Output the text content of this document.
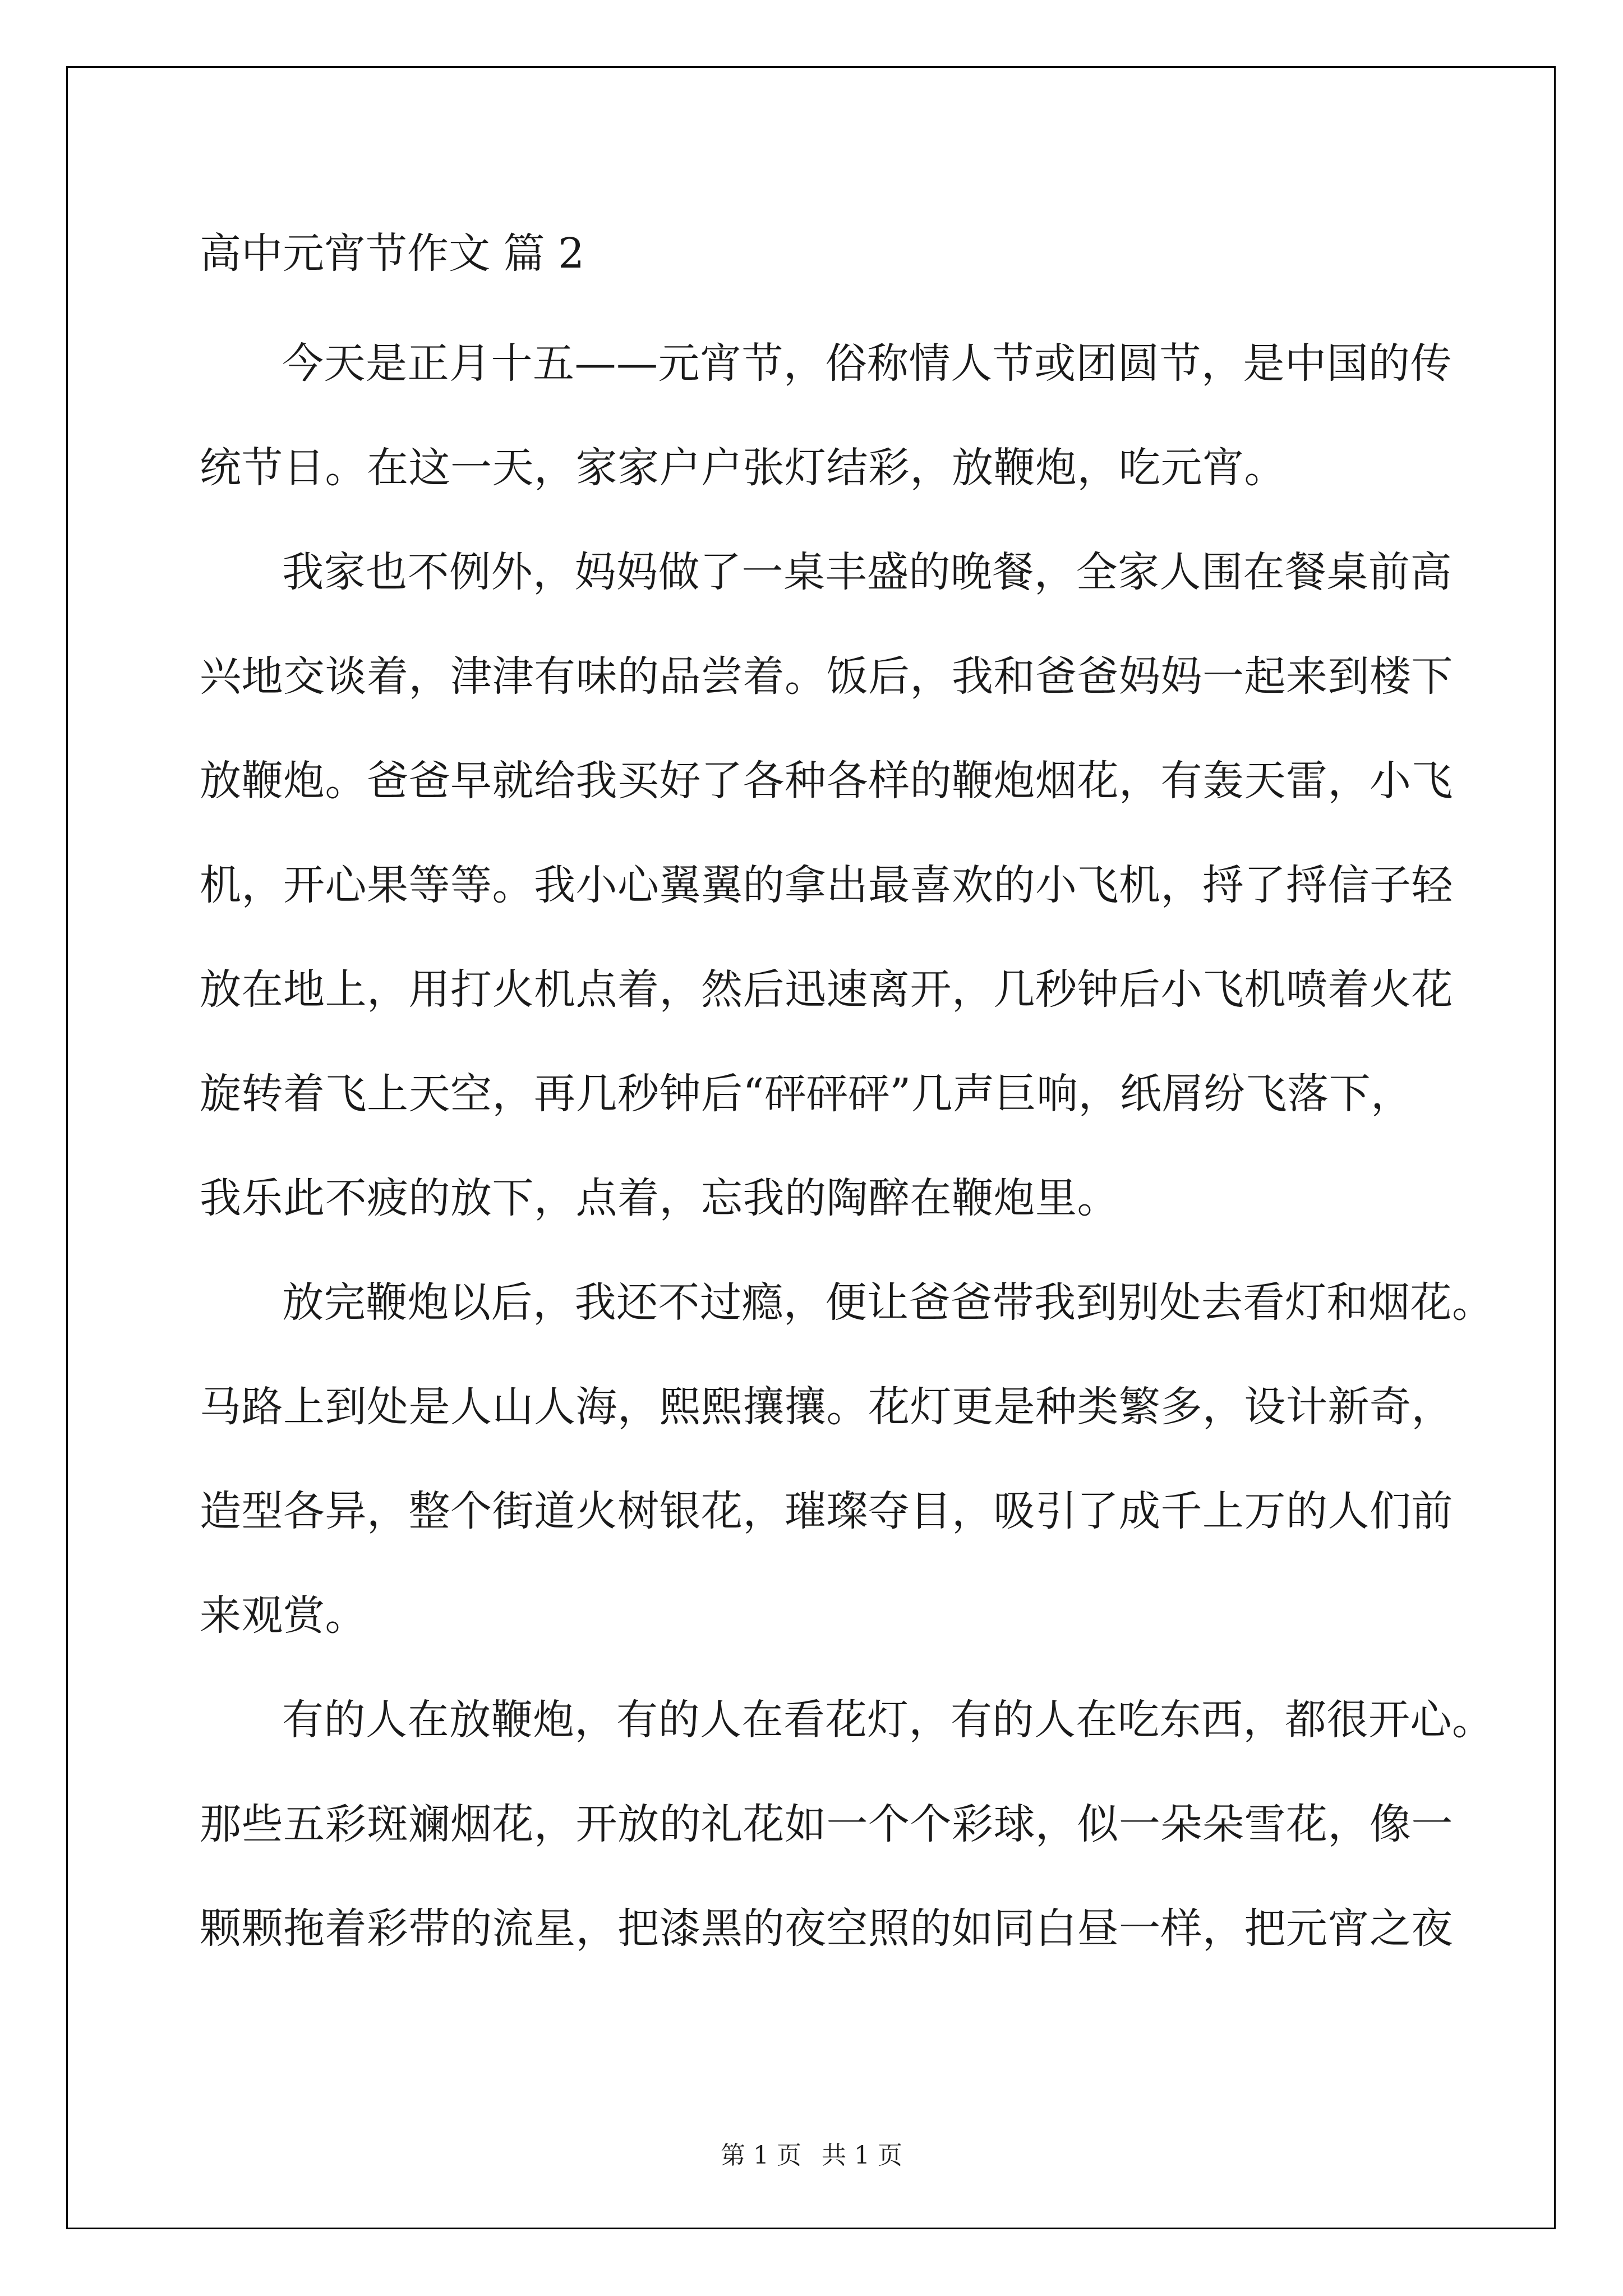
高中元宵节作文 篇 2
今天是正月十五——元宵节，俗称情人节或团圆节，是中国的传
统节日。在这一天，家家户户张灯结彩，放鞭炮，吃元宵。
我家也不例外，妈妈做了一桌丰盛的晚餐，全家人围在餐桌前高
兴地交谈着，津津有味的品尝着。饭后，我和爸爸妈妈一起来到楼下
放鞭炮。爸爸早就给我买好了各种各样的鞭炮烟花，有轰天雷，小飞
机，开心果等等。我小心翼翼的拿出最喜欢的小飞机，捋了捋信子轻
放在地上，用打火机点着，然后迅速离开，几秒钟后小飞机喷着火花
旋转着飞上天空，再几秒钟后“砰砰砰”几声巨响，纸屑纷飞落下，
我乐此不疲的放下，点着，忘我的陶醉在鞭炮里。
放完鞭炮以后，我还不过瘾，便让爸爸带我到别处去看灯和烟花。
马路上到处是人山人海，熙熙攘攘。花灯更是种类繁多，设计新奇，
造型各异，整个街道火树银花，璀璨夺目，吸引了成千上万的人们前
来观赏。
有的人在放鞭炮，有的人在看花灯，有的人在吃东西，都很开心。
那些五彩斑斓烟花，开放的礼花如一个个彩球，似一朵朵雪花，像一
颗颗拖着彩带的流星，把漆黑的夜空照的如同白昼一样，把元宵之夜
第 1 页 共 1 页
